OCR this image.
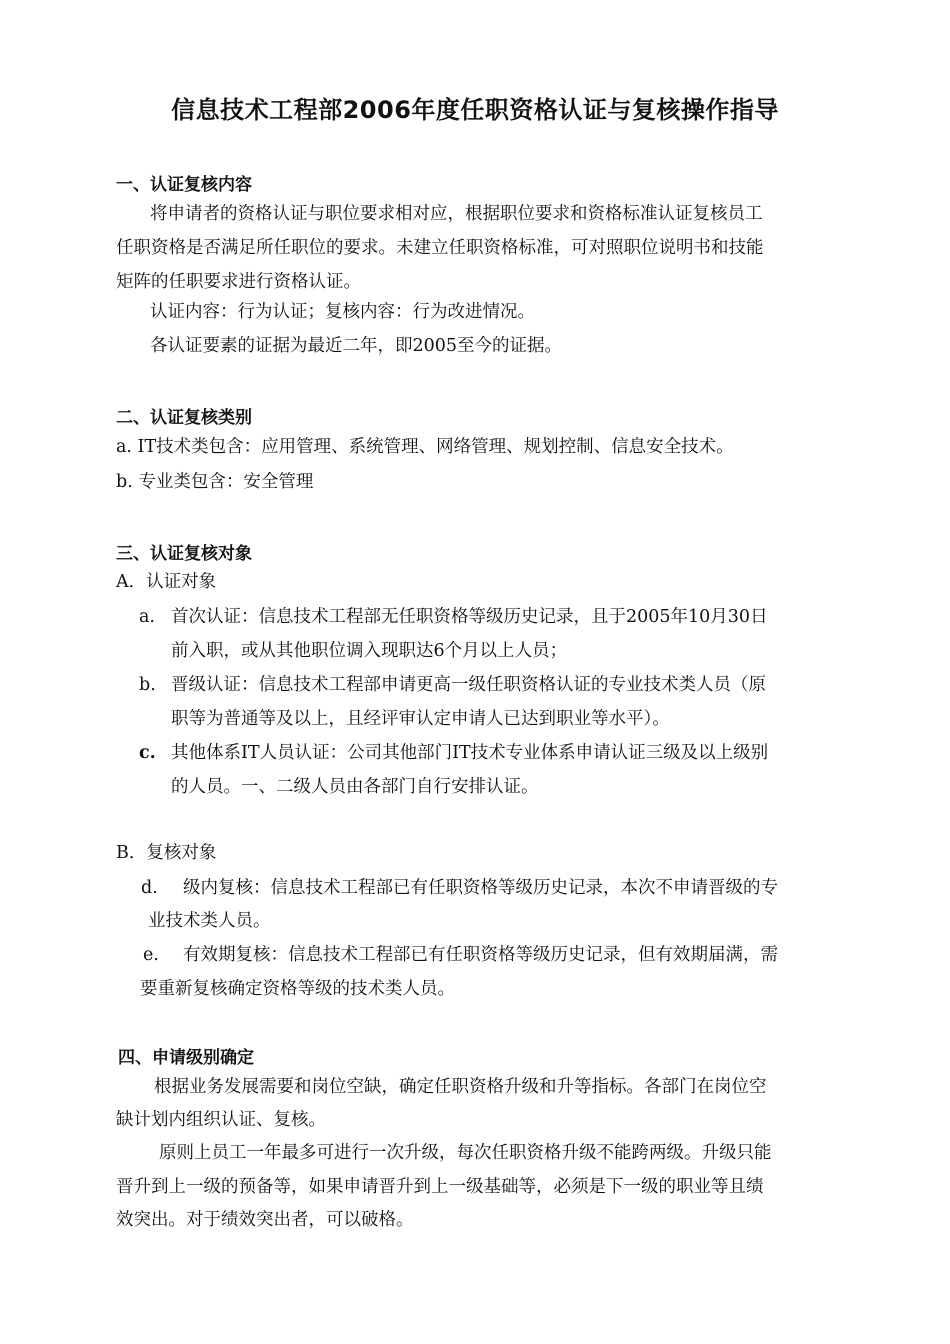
信息技术工程部2006年度任职资格认证与复核操作指导
一、认证复核内容
将申请者的资格认证与职位要求相对应，根据职位要求和资格标准认证复核员工
任职资格是否满足所任职位的要求。未建立任职资格标准，可对照职位说明书和技能
矩阵的任职要求进行资格认证。
认证内容：行为认证；复核内容：行为改进情况。
各认证要素的证据为最近二年，即2005至今的证据。
二、认证复核类别
a. IT技术类包含：应用管理、系统管理、网络管理、规划控制、信息安全技术。
b. 专业类包含：安全管理
三、认证复核对象
A．认证对象
a. 首次认证：信息技术工程部无任职资格等级历史记录，且于2005年10月30日
前入职，或从其他职位调入现职达6个月以上人员；
b. 晋级认证：信息技术工程部申请更高一级任职资格认证的专业技术类人员（原
职等为普通等及以上，且经评审认定申请人已达到职业等水平）。
c. 其他体系IT人员认证：公司其他部门IT技术专业体系申请认证三级及以上级别
的人员。一、二级人员由各部门自行安排认证。
B．复核对象
d. 级内复核：信息技术工程部已有任职资格等级历史记录，本次不申请晋级的专
业技术类人员。
e. 有效期复核：信息技术工程部已有任职资格等级历史记录，但有效期届满，需
要重新复核确定资格等级的技术类人员。
四、申请级别确定
根据业务发展需要和岗位空缺，确定任职资格升级和升等指标。各部门在岗位空
缺计划内组织认证、复核。
原则上员工一年最多可进行一次升级，每次任职资格升级不能跨两级。升级只能
晋升到上一级的预备等，如果申请晋升到上一级基础等，必须是下一级的职业等且绩
效突出。对于绩效突出者，可以破格。
